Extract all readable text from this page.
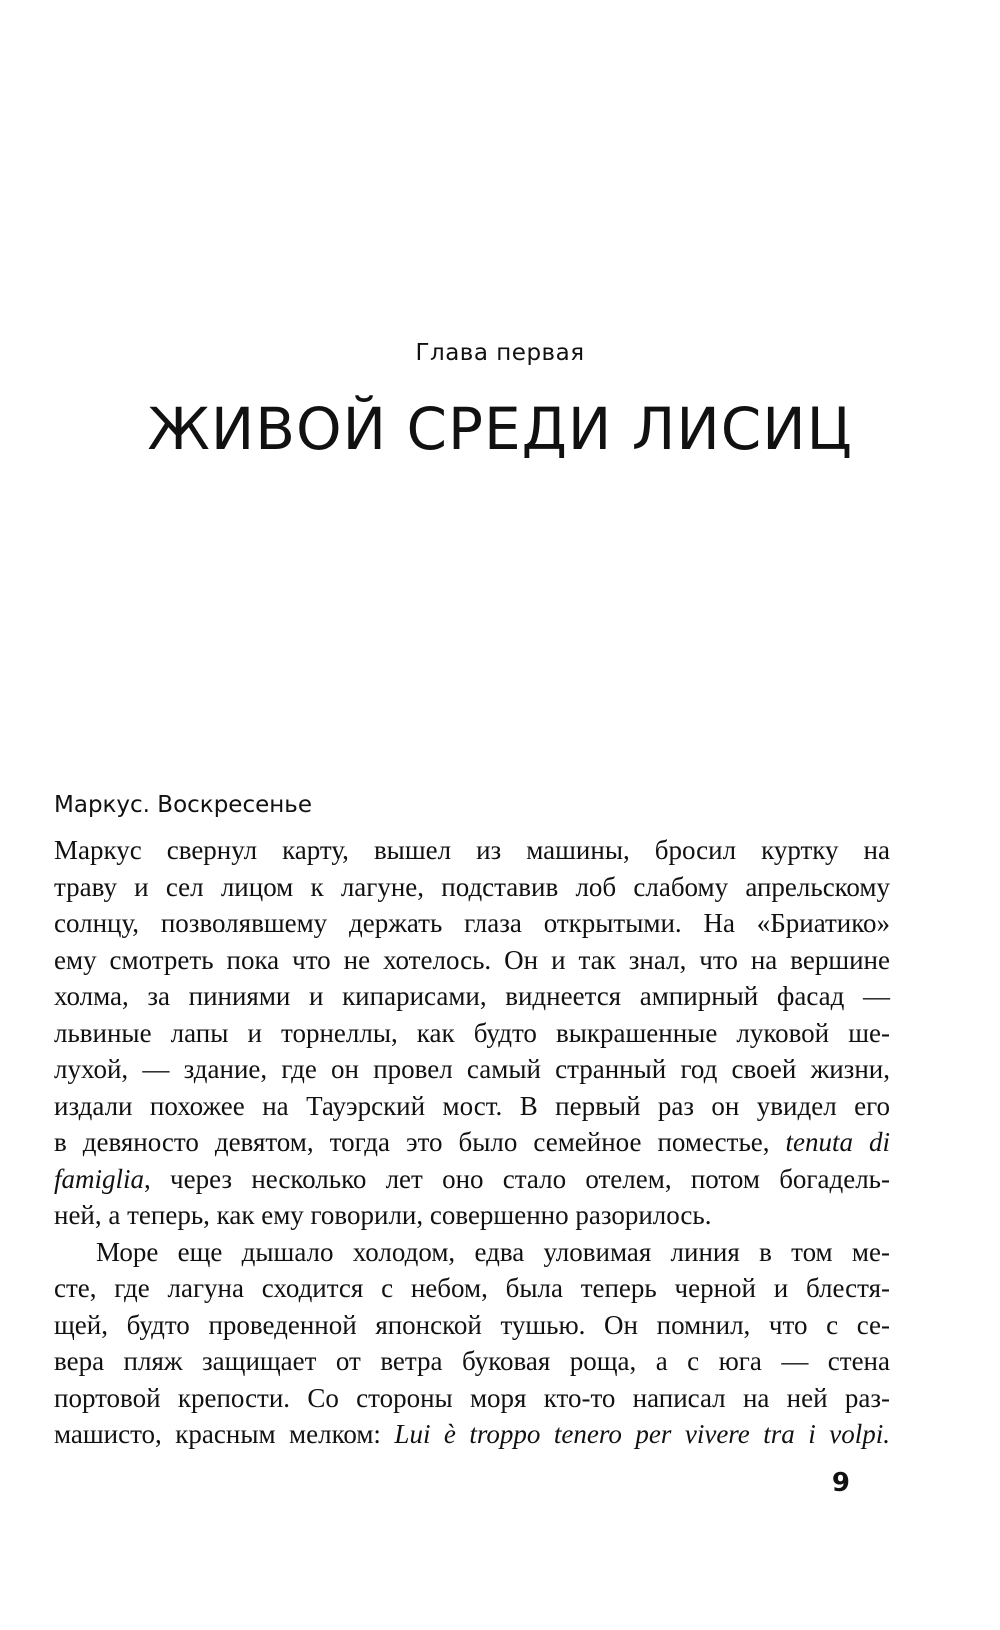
Глава первая
ЖИВОЙ СРЕДИ ЛИСИЦ
Маркус. Воскресенье
Маркус свернул карту, вышел из машины, бросил куртку на
траву и сел лицом к лагуне, подставив лоб слабому апрельскому
солнцу, позволявшему держать глаза открытыми. На «Бриатико»
ему смотреть пока что не хотелось. Он и так знал, что на вершине
холма, за пиниями и кипарисами, виднеется ампирный фасад —
львиные лапы и торнеллы, как будто выкрашенные луковой ше-
лухой, — здание, где он провел самый странный год своей жизни,
издали похожее на Тауэрский мост. В первый раз он увидел его
в девяносто девятом, тогда это было семейное поместье, tenuta di
famiglia, через несколько лет оно стало отелем, потом богадель-
ней, а теперь, как ему говорили, совершенно разорилось.
Море еще дышало холодом, едва уловимая линия в том ме-
сте, где лагуна сходится с небом, была теперь черной и блестя-
щей, будто проведенной японской тушью. Он помнил, что с се-
вера пляж защищает от ветра буковая роща, а с юга — стена
портовой крепости. Со стороны моря кто-то написал на ней раз-
машисто, красным мелком: Lui è troppo tenero per vivere tra i volpi.
9
